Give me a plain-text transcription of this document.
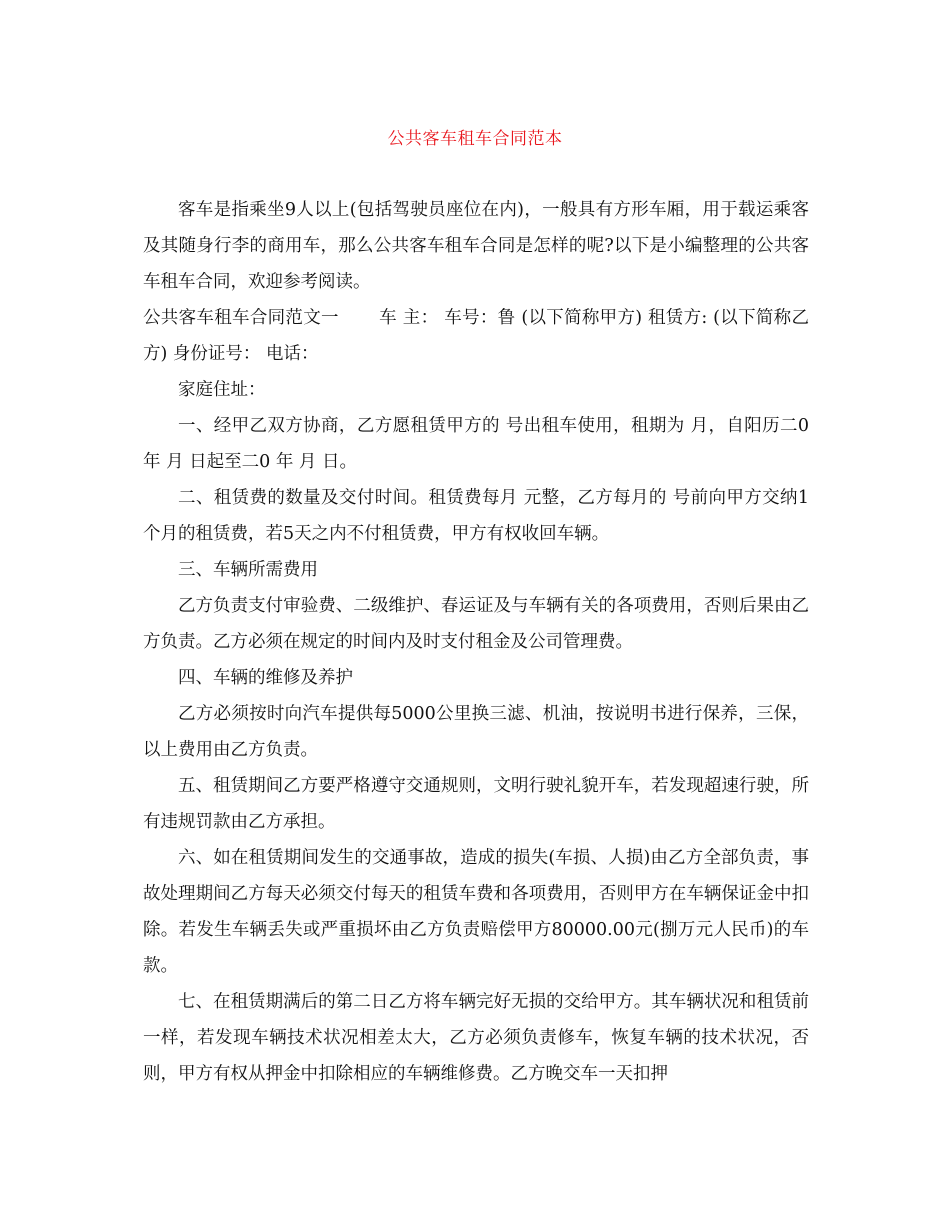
公共客车租车合同范本

客车是指乘坐9人以上(包括驾驶员座位在内)，一般具有方形车厢，用于载运乘客及其随身行李的商用车，那么公共客车租车合同是怎样的呢?以下是小编整理的公共客车租车合同，欢迎参考阅读。

公共客车租车合同范文一 车 主： 车号：鲁 (以下简称甲方) 租赁方: (以下简称乙方) 身份证号： 电话：

家庭住址：

一、经甲乙双方协商，乙方愿租赁甲方的 号出租车使用，租期为 月，自阳历二0 年 月 日起至二0 年 月 日。

二、租赁费的数量及交付时间。租赁费每月 元整，乙方每月的 号前向甲方交纳1个月的租赁费，若5天之内不付租赁费，甲方有权收回车辆。

三、车辆所需费用

乙方负责支付审验费、二级维护、春运证及与车辆有关的各项费用，否则后果由乙方负责。乙方必须在规定的时间内及时支付租金及公司管理费。

四、车辆的维修及养护

乙方必须按时向汽车提供每5000公里换三滤、机油，按说明书进行保养，三保，以上费用由乙方负责。

五、租赁期间乙方要严格遵守交通规则，文明行驶礼貌开车，若发现超速行驶，所有违规罚款由乙方承担。

六、如在租赁期间发生的交通事故，造成的损失(车损、人损)由乙方全部负责，事故处理期间乙方每天必须交付每天的租赁车费和各项费用，否则甲方在车辆保证金中扣除。若发生车辆丢失或严重损坏由乙方负责赔偿甲方80000.00元(捌万元人民币)的车款。

七、在租赁期满后的第二日乙方将车辆完好无损的交给甲方。其车辆状况和租赁前一样，若发现车辆技术状况相差太大，乙方必须负责修车，恢复车辆的技术状况，否则，甲方有权从押金中扣除相应的车辆维修费。乙方晚交车一天扣押
